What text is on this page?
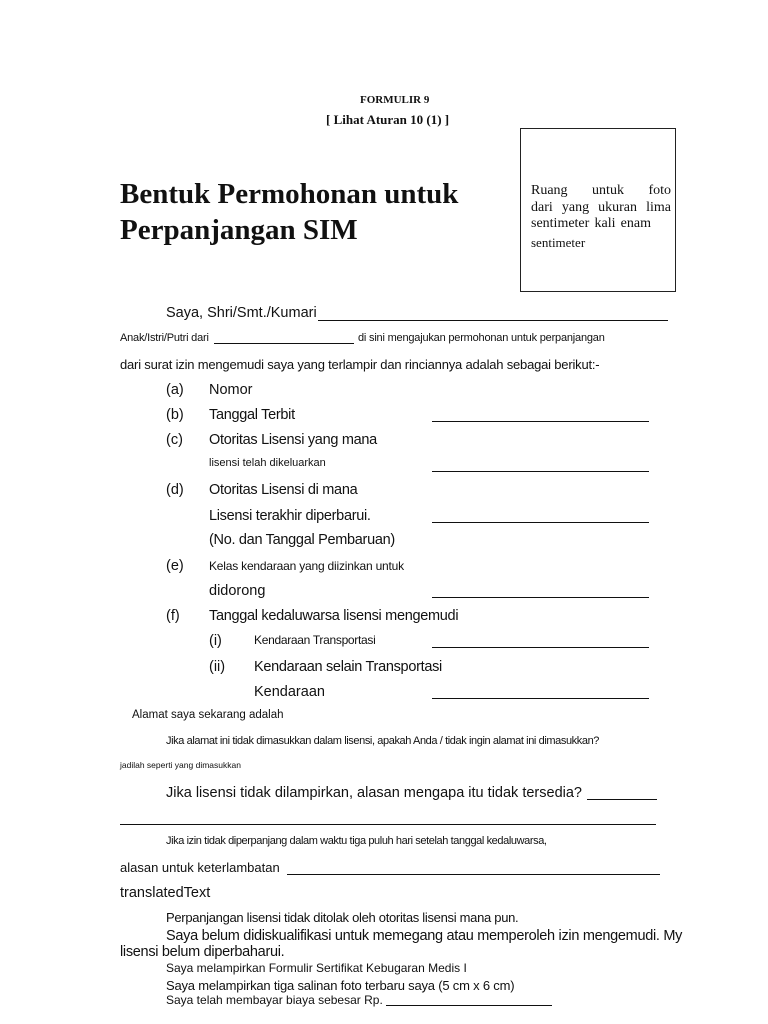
FORMULIR 9
[ Lihat Aturan 10 (1) ]
Bentuk Permohonan untuk
Perpanjangan SIM
Ruang untuk foto
dari yang ukuran lima
sentimeter kali enam
sentimeter
Saya, Shri/Smt./Kumari
Anak/Istri/Putri dari	di sini mengajukan permohonan untuk perpanjangan
dari surat izin mengemudi saya yang terlampir dan rinciannya adalah sebagai berikut:-
(a) Nomor
(b) Tanggal Terbit
(c) Otoritas Lisensi yang mana
lisensi telah dikeluarkan
(d) Otoritas Lisensi di mana
Lisensi terakhir diperbarui.
(No. dan Tanggal Pembaruan)
(e) Kelas kendaraan yang diizinkan untuk
didorong
(f) Tanggal kedaluwarsa lisensi mengemudi
(i)	Kendaraan Transportasi
(ii) Kendaraan selain Transportasi
Kendaraan
Alamat saya sekarang adalah
Jika alamat ini tidak dimasukkan dalam lisensi, apakah Anda / tidak ingin alamat ini dimasukkan?
jadilah seperti yang dimasukkan
Jika lisensi tidak dilampirkan, alasan mengapa itu tidak tersedia?
Jika izin tidak diperpanjang dalam waktu tiga puluh hari setelah tanggal kedaluwarsa,
alasan untuk keterlambatan
translatedText
Perpanjangan lisensi tidak ditolak oleh otoritas lisensi mana pun.
Saya belum didiskualifikasi untuk memegang atau memperoleh izin mengemudi. My
lisensi belum diperbaharui.
Saya melampirkan Formulir Sertifikat Kebugaran Medis I
Saya melampirkan tiga salinan foto terbaru saya (5 cm x 6 cm)
Saya telah membayar biaya sebesar Rp.
